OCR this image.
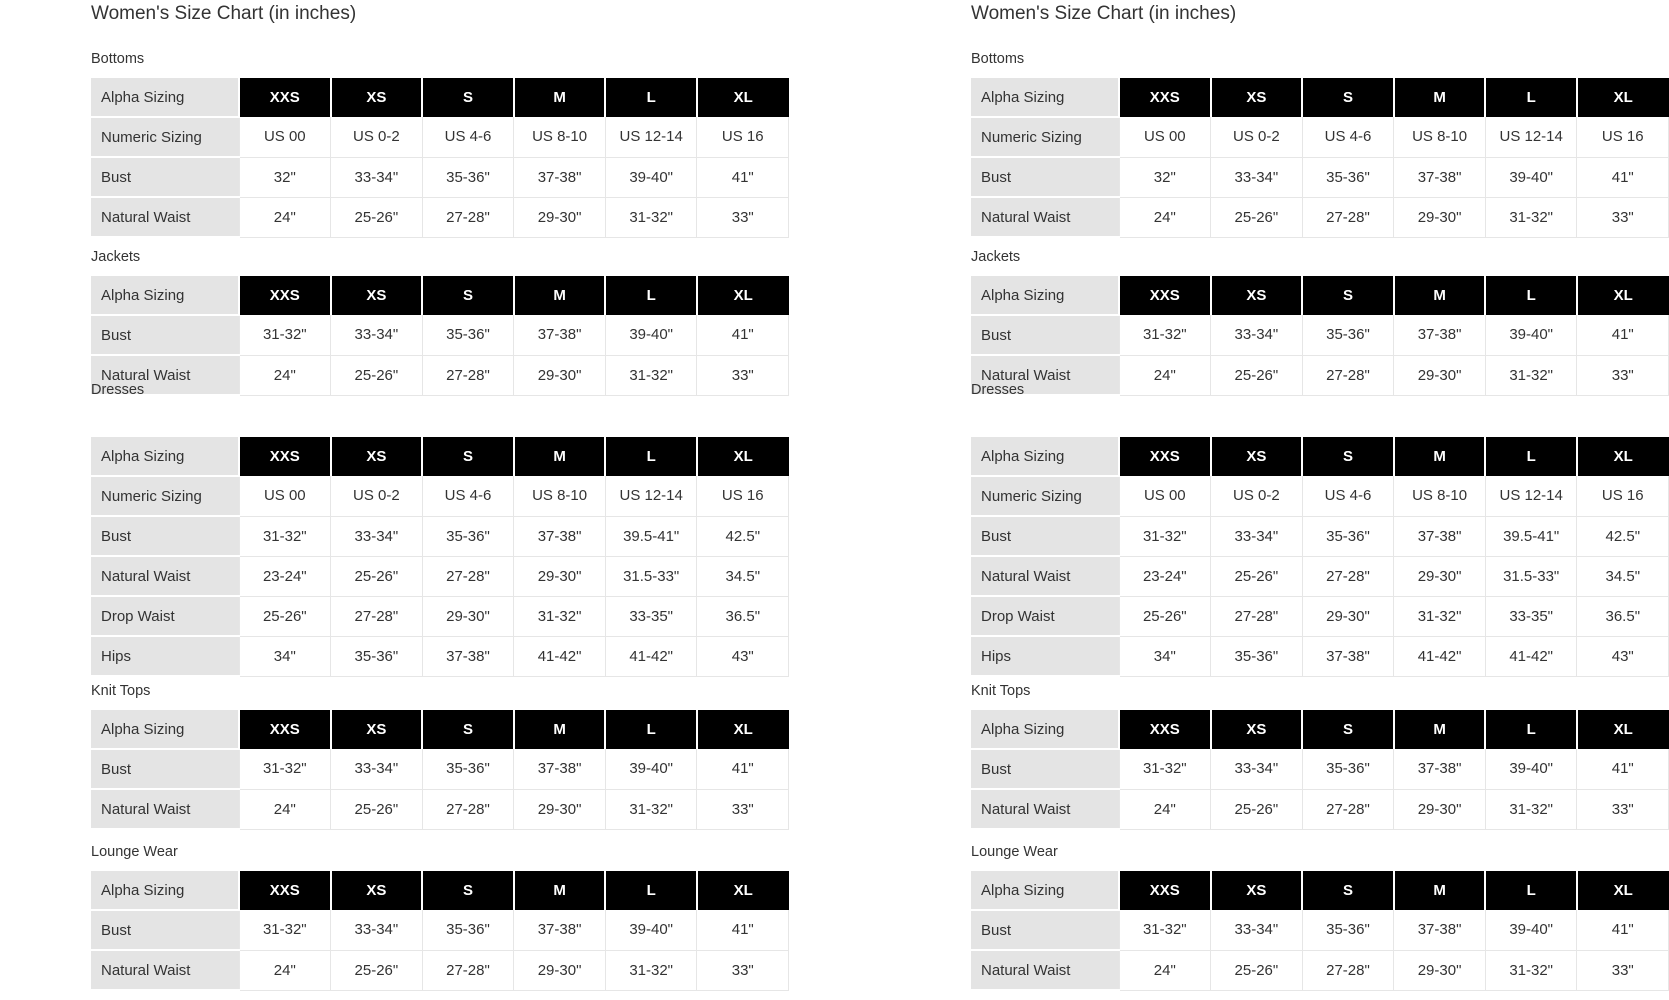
Women's Size Chart (in inches)
Bottoms
Alpha Sizing	XXS	XS	S	M	L	XL
Numeric Sizing	US 00	US 0-2	US 4-6	US 8-10	US 12-14	US 16
Bust	32"	33-34"	35-36"	37-38"	39-40"	41"
Natural Waist	24"	25-26"	27-28"	29-30"	31-32"	33"
Jackets
Alpha Sizing	XXS	XS	S	M	L	XL
Bust	31-32"	33-34"	35-36"	37-38"	39-40"	41"
Natural Waist	24"	25-26"	27-28"	29-30"	31-32"	33"
Dresses
Alpha Sizing	XXS	XS	S	M	L	XL
Numeric Sizing	US 00	US 0-2	US 4-6	US 8-10	US 12-14	US 16
Bust	31-32"	33-34"	35-36"	37-38"	39.5-41"	42.5"
Natural Waist	23-24"	25-26"	27-28"	29-30"	31.5-33"	34.5"
Drop Waist	25-26"	27-28"	29-30"	31-32"	33-35"	36.5"
Hips	34"	35-36"	37-38"	41-42"	41-42"	43"
Knit Tops
Alpha Sizing	XXS	XS	S	M	L	XL
Bust	31-32"	33-34"	35-36"	37-38"	39-40"	41"
Natural Waist	24"	25-26"	27-28"	29-30"	31-32"	33"
Lounge Wear
Alpha Sizing	XXS	XS	S	M	L	XL
Bust	31-32"	33-34"	35-36"	37-38"	39-40"	41"
Natural Waist	24"	25-26"	27-28"	29-30"	31-32"	33"
Women's Size Chart (in inches)
Bottoms
Alpha Sizing	XXS	XS	S	M	L	XL
Numeric Sizing	US 00	US 0-2	US 4-6	US 8-10	US 12-14	US 16
Bust	32"	33-34"	35-36"	37-38"	39-40"	41"
Natural Waist	24"	25-26"	27-28"	29-30"	31-32"	33"
Jackets
Alpha Sizing	XXS	XS	S	M	L	XL
Bust	31-32"	33-34"	35-36"	37-38"	39-40"	41"
Natural Waist	24"	25-26"	27-28"	29-30"	31-32"	33"
Dresses
Alpha Sizing	XXS	XS	S	M	L	XL
Numeric Sizing	US 00	US 0-2	US 4-6	US 8-10	US 12-14	US 16
Bust	31-32"	33-34"	35-36"	37-38"	39.5-41"	42.5"
Natural Waist	23-24"	25-26"	27-28"	29-30"	31.5-33"	34.5"
Drop Waist	25-26"	27-28"	29-30"	31-32"	33-35"	36.5"
Hips	34"	35-36"	37-38"	41-42"	41-42"	43"
Knit Tops
Alpha Sizing	XXS	XS	S	M	L	XL
Bust	31-32"	33-34"	35-36"	37-38"	39-40"	41"
Natural Waist	24"	25-26"	27-28"	29-30"	31-32"	33"
Lounge Wear
Alpha Sizing	XXS	XS	S	M	L	XL
Bust	31-32"	33-34"	35-36"	37-38"	39-40"	41"
Natural Waist	24"	25-26"	27-28"	29-30"	31-32"	33"
